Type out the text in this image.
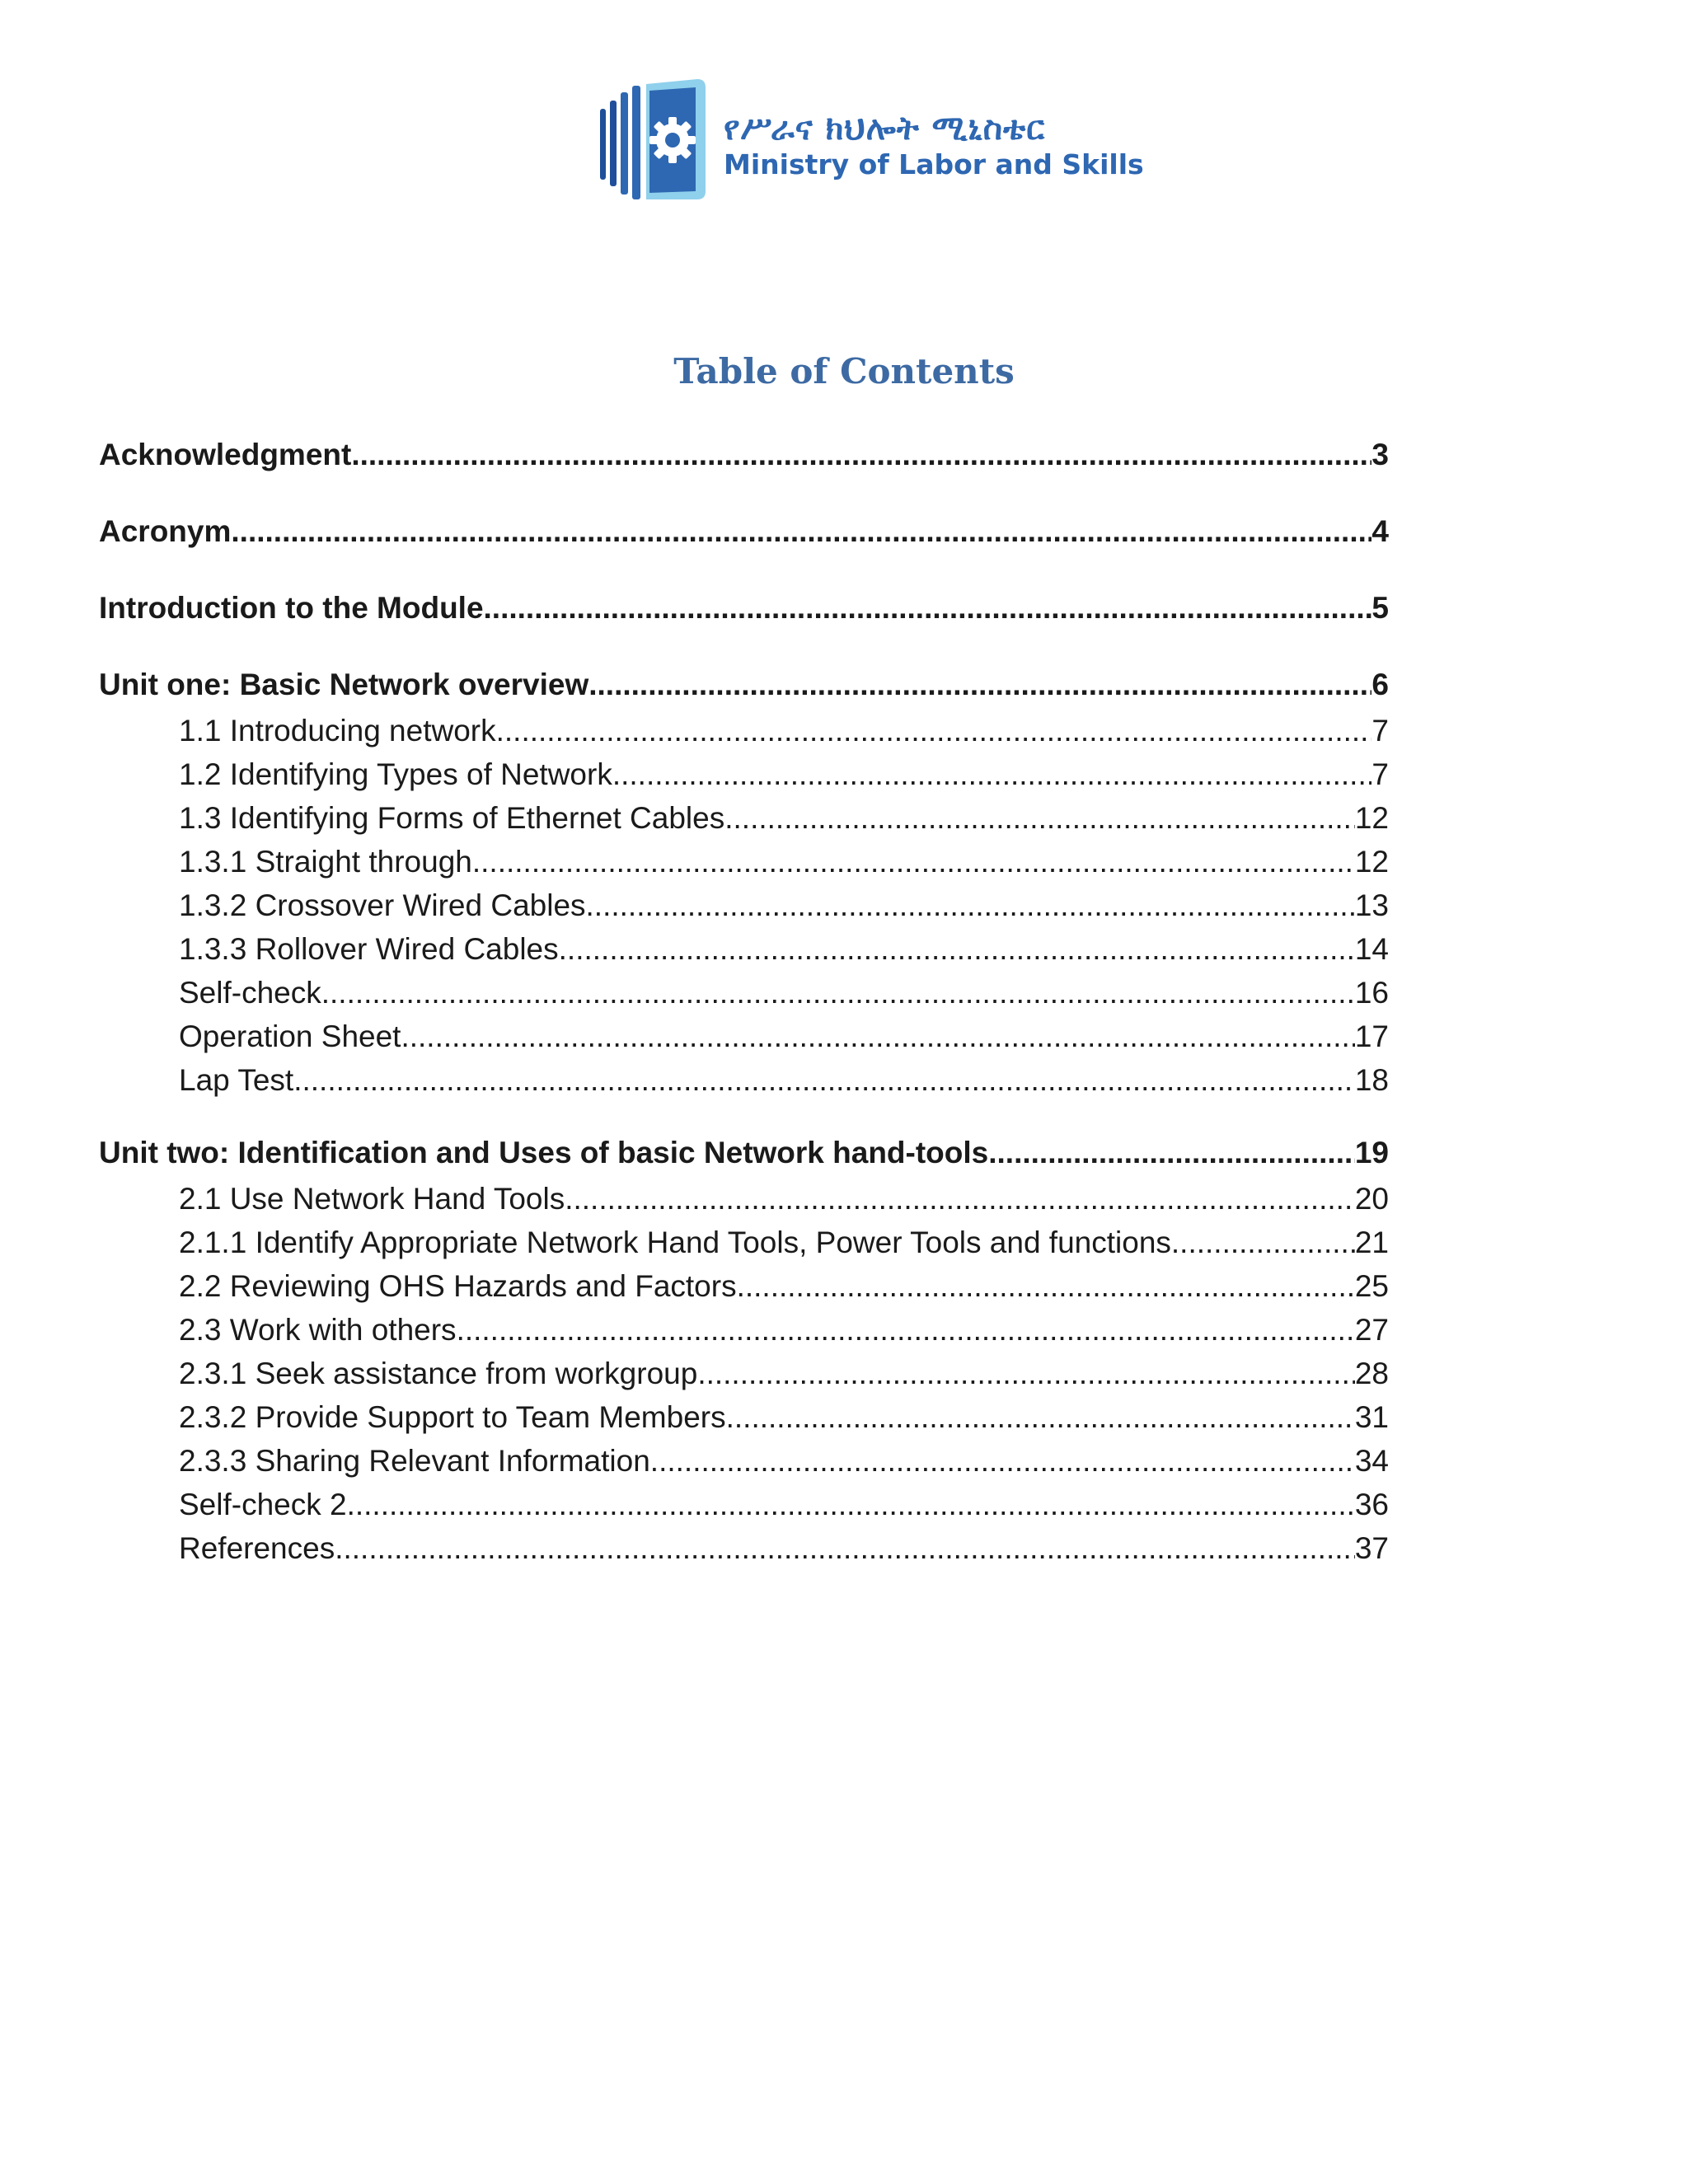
የሥራና ክህሎት ሚኒስቴር
Ministry of Labor and Skills
Table of Contents
Acknowledgment .....	3
Acronym .....	4
Introduction to the Module .....	5
Unit one: Basic Network overview .....	6
1.1 Introducing network .....	7
1.2 Identifying Types of Network .....	7
1.3 Identifying Forms of Ethernet Cables .....	12
1.3.1 Straight through .....	12
1.3.2 Crossover Wired Cables .....	13
1.3.3 Rollover Wired Cables .....	14
Self-check .....	16
Operation Sheet .....	17
Lap Test .....	18
Unit two: Identification and Uses of basic Network hand-tools .....	19
2.1 Use Network Hand Tools .....	20
2.1.1 Identify Appropriate Network Hand Tools, Power Tools and functions .....	21
2.2 Reviewing OHS Hazards and Factors .....	25
2.3 Work with others .....	27
2.3.1 Seek assistance from workgroup .....	28
2.3.2 Provide Support to Team Members .....	31
2.3.3 Sharing Relevant Information .....	34
Self-check 2 .....	36
References .....	37
